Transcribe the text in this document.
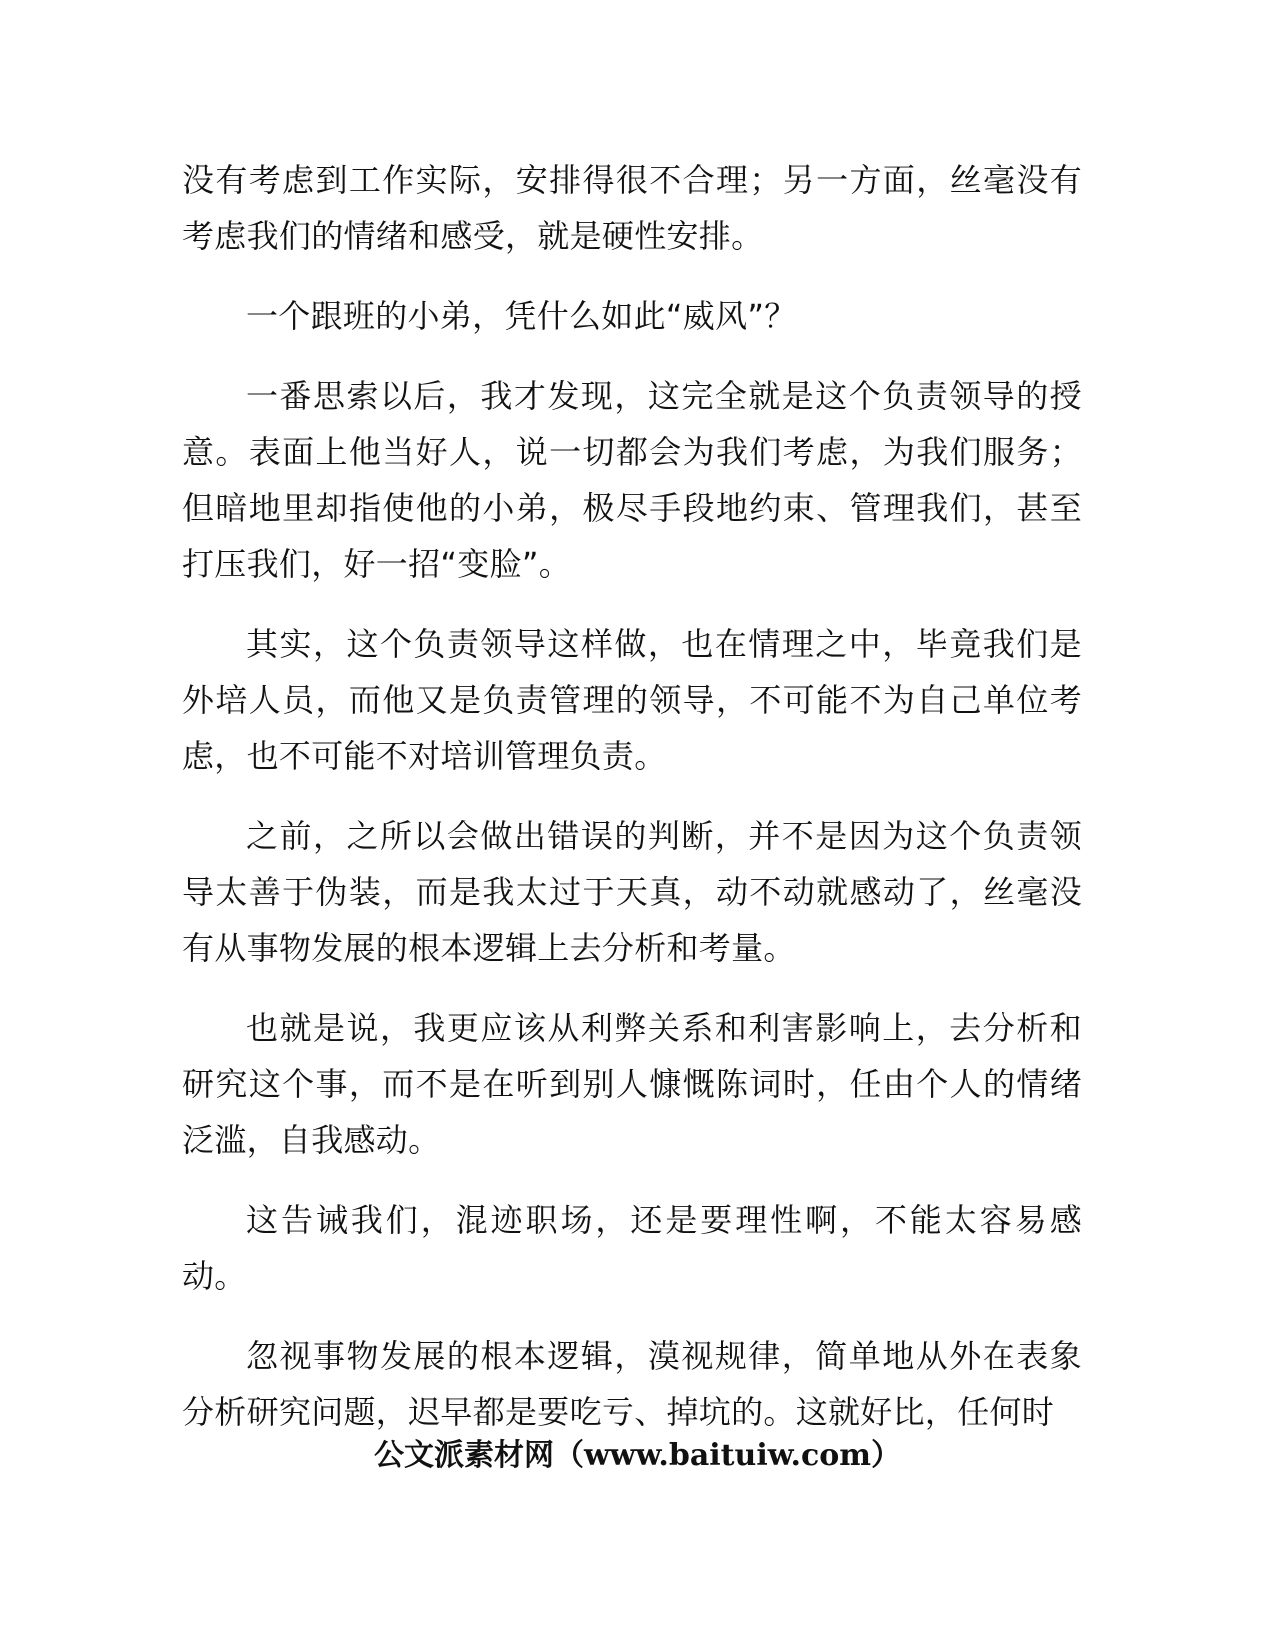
没有考虑到工作实际，安排得很不合理；另一方面，丝毫没有考虑我们的情绪和感受，就是硬性安排。

一个跟班的小弟，凭什么如此“威风”？

一番思索以后，我才发现，这完全就是这个负责领导的授意。表面上他当好人，说一切都会为我们考虑，为我们服务；但暗地里却指使他的小弟，极尽手段地约束、管理我们，甚至打压我们，好一招“变脸”。

其实，这个负责领导这样做，也在情理之中，毕竟我们是外培人员，而他又是负责管理的领导，不可能不为自己单位考虑，也不可能不对培训管理负责。

之前，之所以会做出错误的判断，并不是因为这个负责领导太善于伪装，而是我太过于天真，动不动就感动了，丝毫没有从事物发展的根本逻辑上去分析和考量。

也就是说，我更应该从利弊关系和利害影响上，去分析和研究这个事，而不是在听到别人慷慨陈词时，任由个人的情绪泛滥，自我感动。

这告诫我们，混迹职场，还是要理性啊，不能太容易感动。

忽视事物发展的根本逻辑，漠视规律，简单地从外在表象分析研究问题，迟早都是要吃亏、掉坑的。这就好比，任何时

公文派素材网（www.baituiw.com）
